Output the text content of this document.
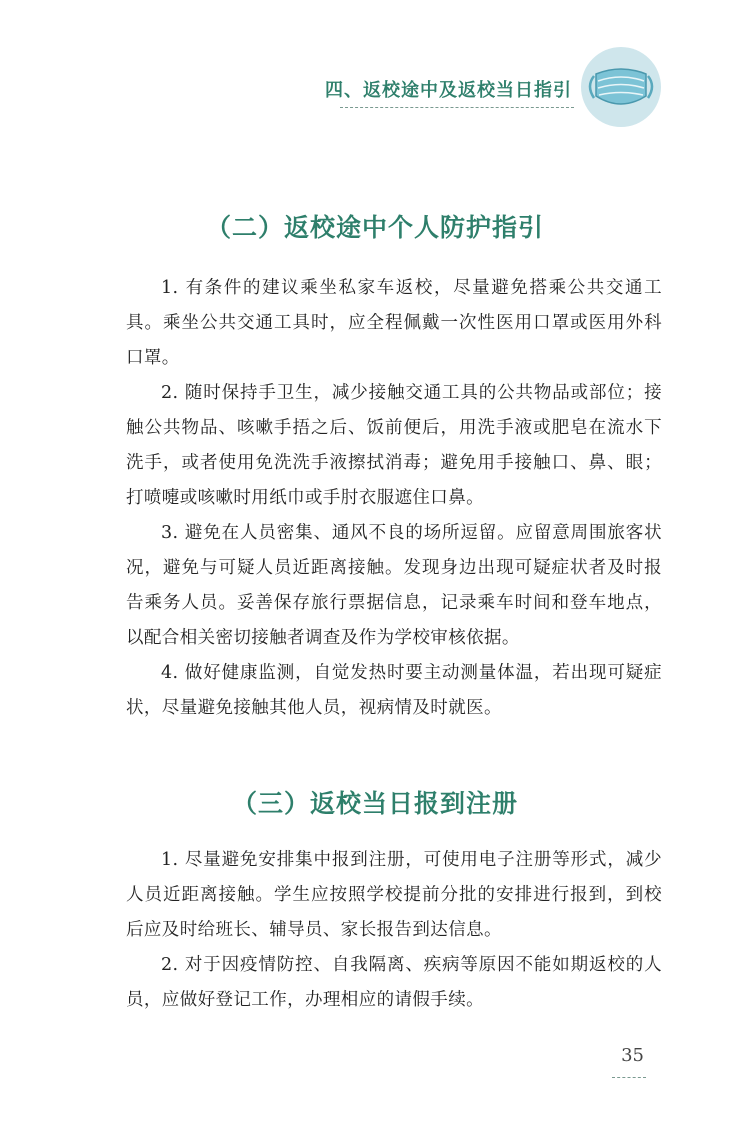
四、返校途中及返校当日指引
（二）返校途中个人防护指引

1. 有条件的建议乘坐私家车返校，尽量避免搭乘公共交通工具。乘坐公共交通工具时，应全程佩戴一次性医用口罩或医用外科口罩。

2. 随时保持手卫生，减少接触交通工具的公共物品或部位；接触公共物品、咳嗽手捂之后、饭前便后，用洗手液或肥皂在流水下洗手，或者使用免洗洗手液擦拭消毒；避免用手接触口、鼻、眼；打喷嚏或咳嗽时用纸巾或手肘衣服遮住口鼻。

3. 避免在人员密集、通风不良的场所逗留。应留意周围旅客状况，避免与可疑人员近距离接触。发现身边出现可疑症状者及时报告乘务人员。妥善保存旅行票据信息，记录乘车时间和登车地点，以配合相关密切接触者调查及作为学校审核依据。

4. 做好健康监测，自觉发热时要主动测量体温，若出现可疑症状，尽量避免接触其他人员，视病情及时就医。

（三）返校当日报到注册

1. 尽量避免安排集中报到注册，可使用电子注册等形式，减少人员近距离接触。学生应按照学校提前分批的安排进行报到，到校后应及时给班长、辅导员、家长报告到达信息。

2. 对于因疫情防控、自我隔离、疾病等原因不能如期返校的人员，应做好登记工作，办理相应的请假手续。

35
